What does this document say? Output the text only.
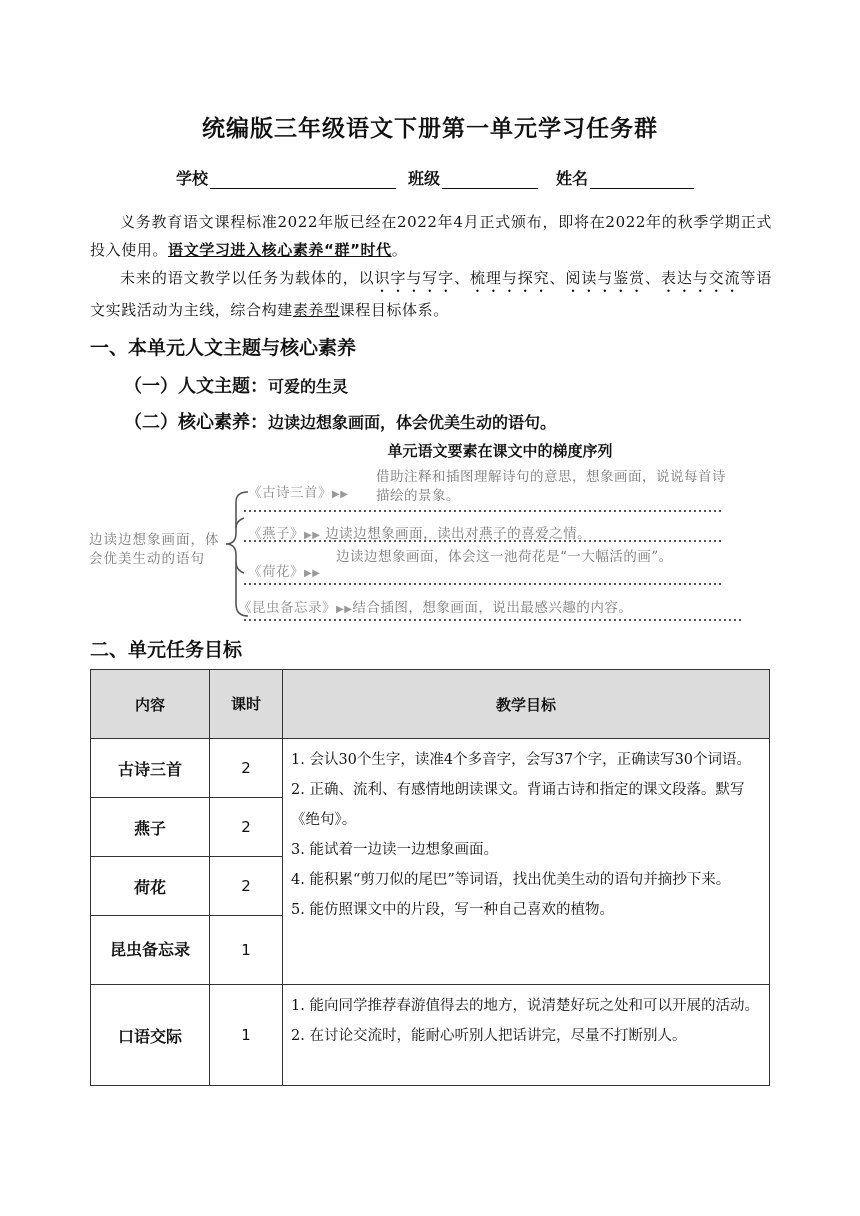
统编版三年级语文下册第一单元学习任务群
学校	班级	姓名
义务教育语文课程标准2022年版已经在2022年4月正式颁布，即将在2022年的秋季学期正式投入使用。语文学习进入核心素养“群”时代。
未来的语文教学以任务为载体的，以识字与写字、梳理与探究、阅读与鉴赏、表达与交流等语文实践活动为主线，综合构建素养型课程目标体系。
一、本单元人文主题与核心素养
（一）人文主题：可爱的生灵
（二）核心素养：边读边想象画面，体会优美生动的语句。
单元语文要素在课文中的梯度序列
边读边想象画面，体会优美生动的语句
《古诗三首》▶▶
借助注释和插图理解诗句的意思，想象画面，说说每首诗描绘的景象。
《燕子》▶▶ 边读边想象画面，读出对燕子的喜爱之情。
《荷花》▶▶
边读边想象画面，体会这一池荷花是“一大幅活的画”。
《昆虫备忘录》▶▶结合插图，想象画面，说出最感兴趣的内容。
二、单元任务目标
内容	课时	教学目标
古诗三首	2	1. 会认30个生字，读准4个多音字，会写37个字，正确读写30个词语。
2. 正确、流利、有感情地朗读课文。背诵古诗和指定的课文段落。默写《绝句》。
3. 能试着一边读一边想象画面。
4. 能积累“剪刀似的尾巴”等词语，找出优美生动的语句并摘抄下来。
5. 能仿照课文中的片段，写一种自己喜欢的植物。

燕子	2	
荷花	2	
昆虫备忘录	1	
口语交际	1	1. 能向同学推荐春游值得去的地方，说清楚好玩之处和可以开展的活动。
2. 在讨论交流时，能耐心听别人把话讲完，尽量不打断别人。
